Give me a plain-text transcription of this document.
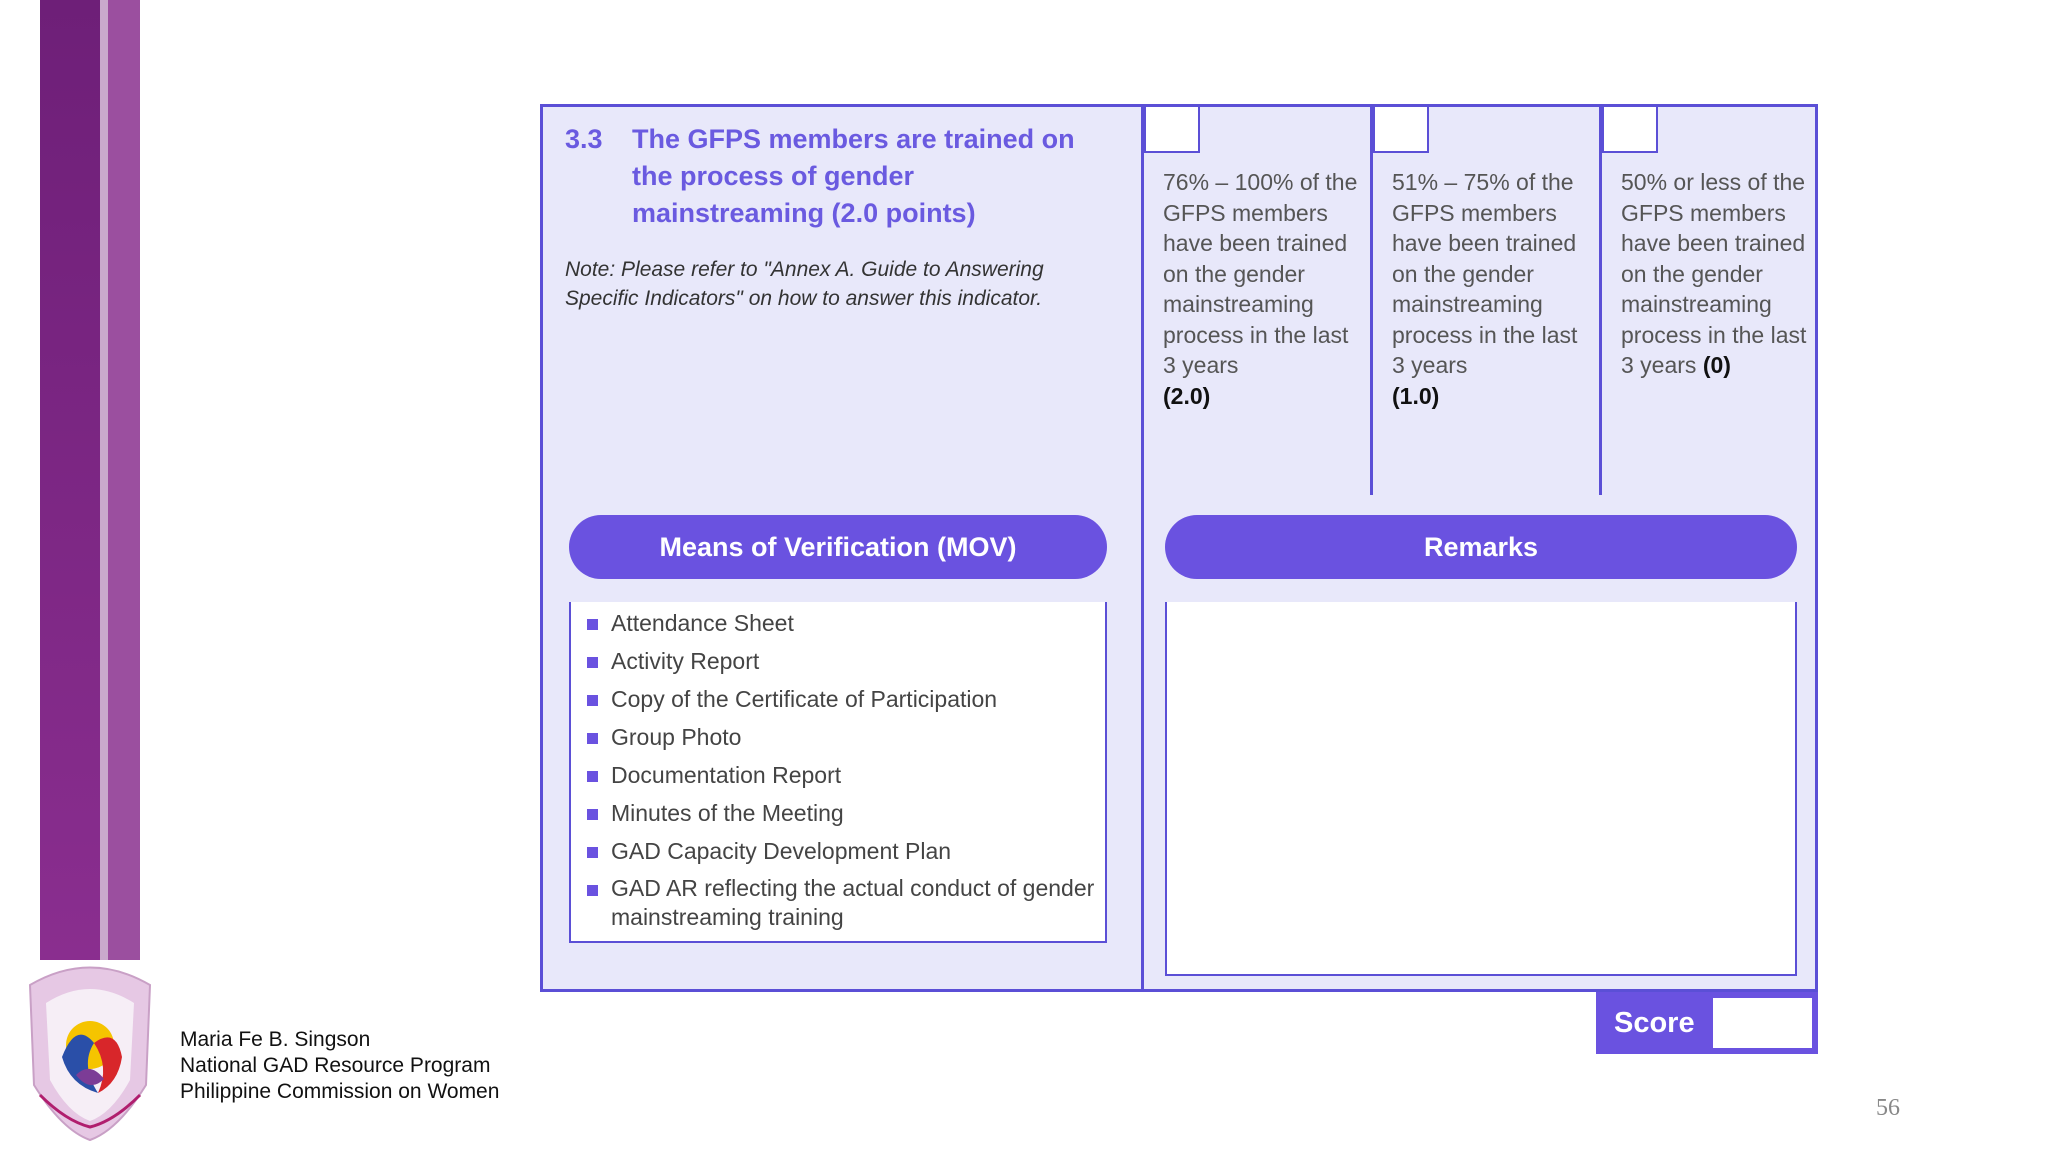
3.3 The GFPS members are trained on the process of gender mainstreaming (2.0 points)
Note: Please refer to "Annex A. Guide to Answering Specific Indicators" on how to answer this indicator.
76% – 100% of the GFPS members have been trained on the gender mainstreaming process in the last 3 years
(2.0)
51% – 75% of the GFPS members have been trained on the gender mainstreaming process in the last 3 years
(1.0)
50% or less of the GFPS members have been trained on the gender mainstreaming process in the last 3 years (0)
Means of Verification (MOV)	Remarks
Attendance Sheet
Activity Report
Copy of the Certificate of Participation
Group Photo
Documentation Report
Minutes of the Meeting
GAD Capacity Development Plan
GAD AR reflecting the actual conduct of gender mainstreaming training
Score
Maria Fe B. Singson
National GAD Resource Program
Philippine Commission on Women
56
